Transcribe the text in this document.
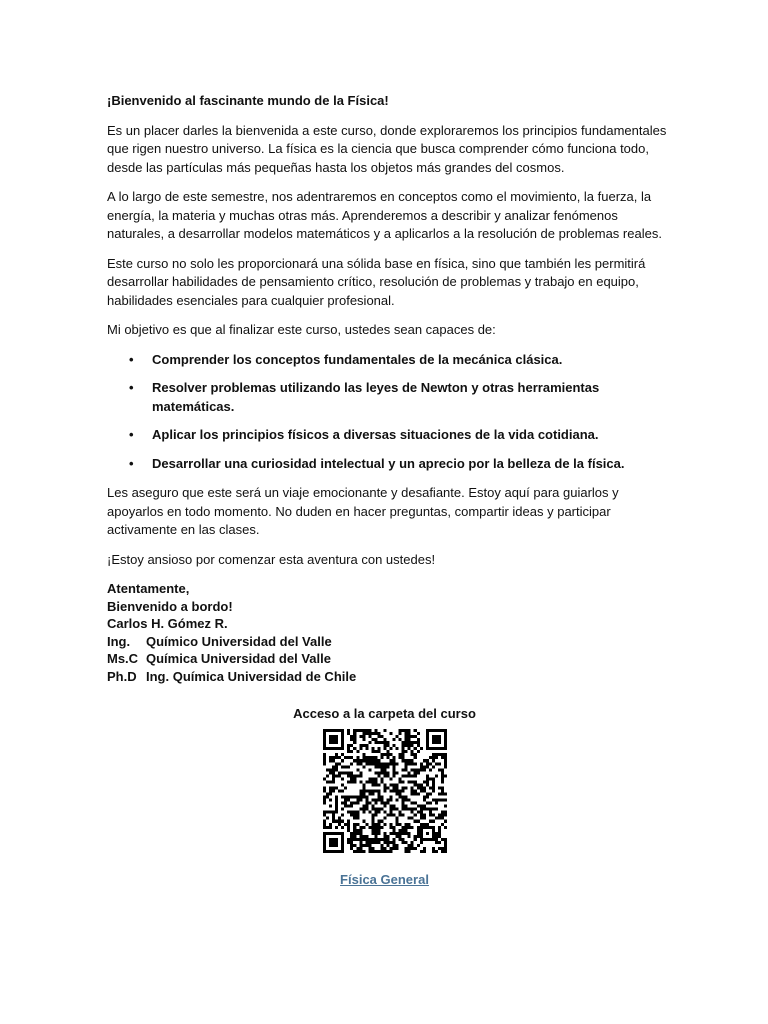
¡Bienvenido al fascinante mundo de la Física!

Es un placer darles la bienvenida a este curso, donde exploraremos los principios fundamentales que rigen nuestro universo. La física es la ciencia que busca comprender cómo funciona todo, desde las partículas más pequeñas hasta los objetos más grandes del cosmos.

A lo largo de este semestre, nos adentraremos en conceptos como el movimiento, la fuerza, la energía, la materia y muchas otras más. Aprenderemos a describir y analizar fenómenos naturales, a desarrollar modelos matemáticos y a aplicarlos a la resolución de problemas reales.

Este curso no solo les proporcionará una sólida base en física, sino que también les permitirá desarrollar habilidades de pensamiento crítico, resolución de problemas y trabajo en equipo, habilidades esenciales para cualquier profesional.

Mi objetivo es que al finalizar este curso, ustedes sean capaces de:

• Comprender los conceptos fundamentales de la mecánica clásica.
• Resolver problemas utilizando las leyes de Newton y otras herramientas matemáticas.
• Aplicar los principios físicos a diversas situaciones de la vida cotidiana.
• Desarrollar una curiosidad intelectual y un aprecio por la belleza de la física.

Les aseguro que este será un viaje emocionante y desafiante. Estoy aquí para guiarlos y apoyarlos en todo momento. No duden en hacer preguntas, compartir ideas y participar activamente en las clases.

¡Estoy ansioso por comenzar esta aventura con ustedes!

Atentamente,
Bienvenido a bordo!
Carlos H. Gómez R.
Ing. Químico Universidad del Valle
Ms.C Química Universidad del Valle
Ph.D Ing. Química Universidad de Chile
Acceso a la carpeta del curso
Física General
